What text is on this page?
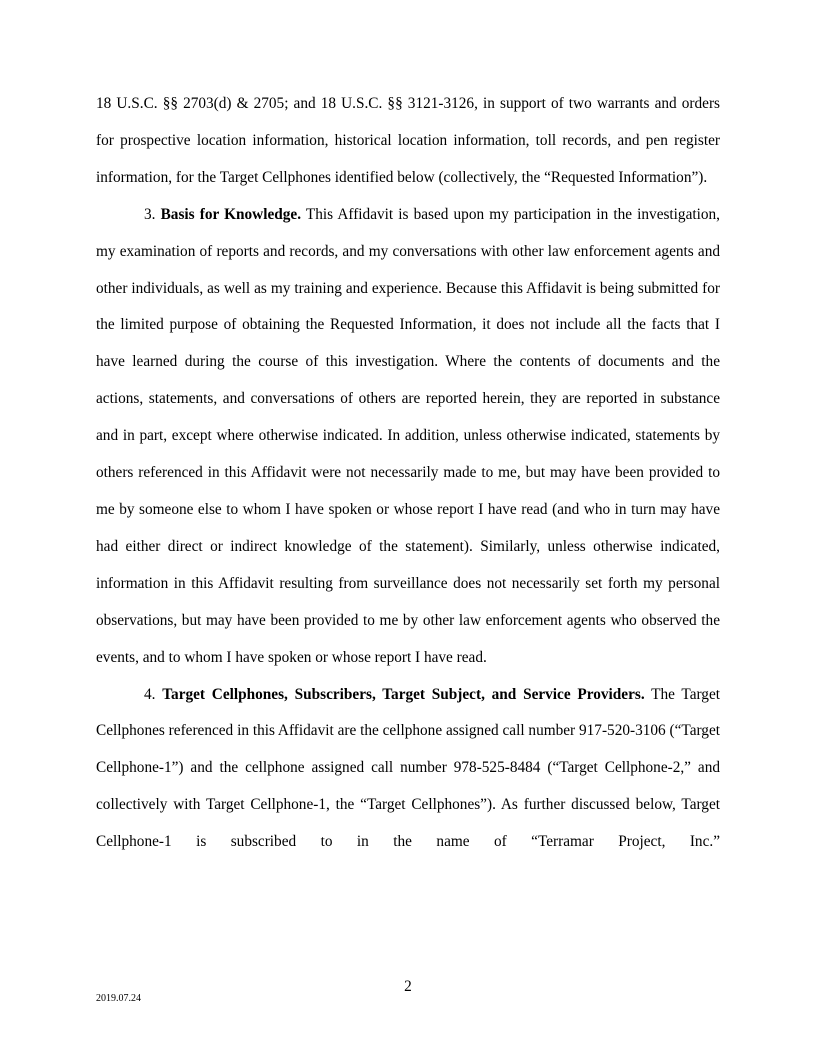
18 U.S.C. §§ 2703(d) & 2705; and 18 U.S.C. §§ 3121-3126, in support of two warrants and orders for prospective location information, historical location information, toll records, and pen register information, for the Target Cellphones identified below (collectively, the “Requested Information”).

3. Basis for Knowledge. This Affidavit is based upon my participation in the investigation, my examination of reports and records, and my conversations with other law enforcement agents and other individuals, as well as my training and experience. Because this Affidavit is being submitted for the limited purpose of obtaining the Requested Information, it does not include all the facts that I have learned during the course of this investigation. Where the contents of documents and the actions, statements, and conversations of others are reported herein, they are reported in substance and in part, except where otherwise indicated. In addition, unless otherwise indicated, statements by others referenced in this Affidavit were not necessarily made to me, but may have been provided to me by someone else to whom I have spoken or whose report I have read (and who in turn may have had either direct or indirect knowledge of the statement). Similarly, unless otherwise indicated, information in this Affidavit resulting from surveillance does not necessarily set forth my personal observations, but may have been provided to me by other law enforcement agents who observed the events, and to whom I have spoken or whose report I have read.

4. Target Cellphones, Subscribers, Target Subject, and Service Providers. The Target Cellphones referenced in this Affidavit are the cellphone assigned call number 917-520-3106 (“Target Cellphone-1”) and the cellphone assigned call number 978-525-8484 (“Target Cellphone-2,” and collectively with Target Cellphone-1, the “Target Cellphones”). As further discussed below, Target Cellphone-1 is subscribed to in the name of “Terramar Project, Inc.”

2
2019.07.24
